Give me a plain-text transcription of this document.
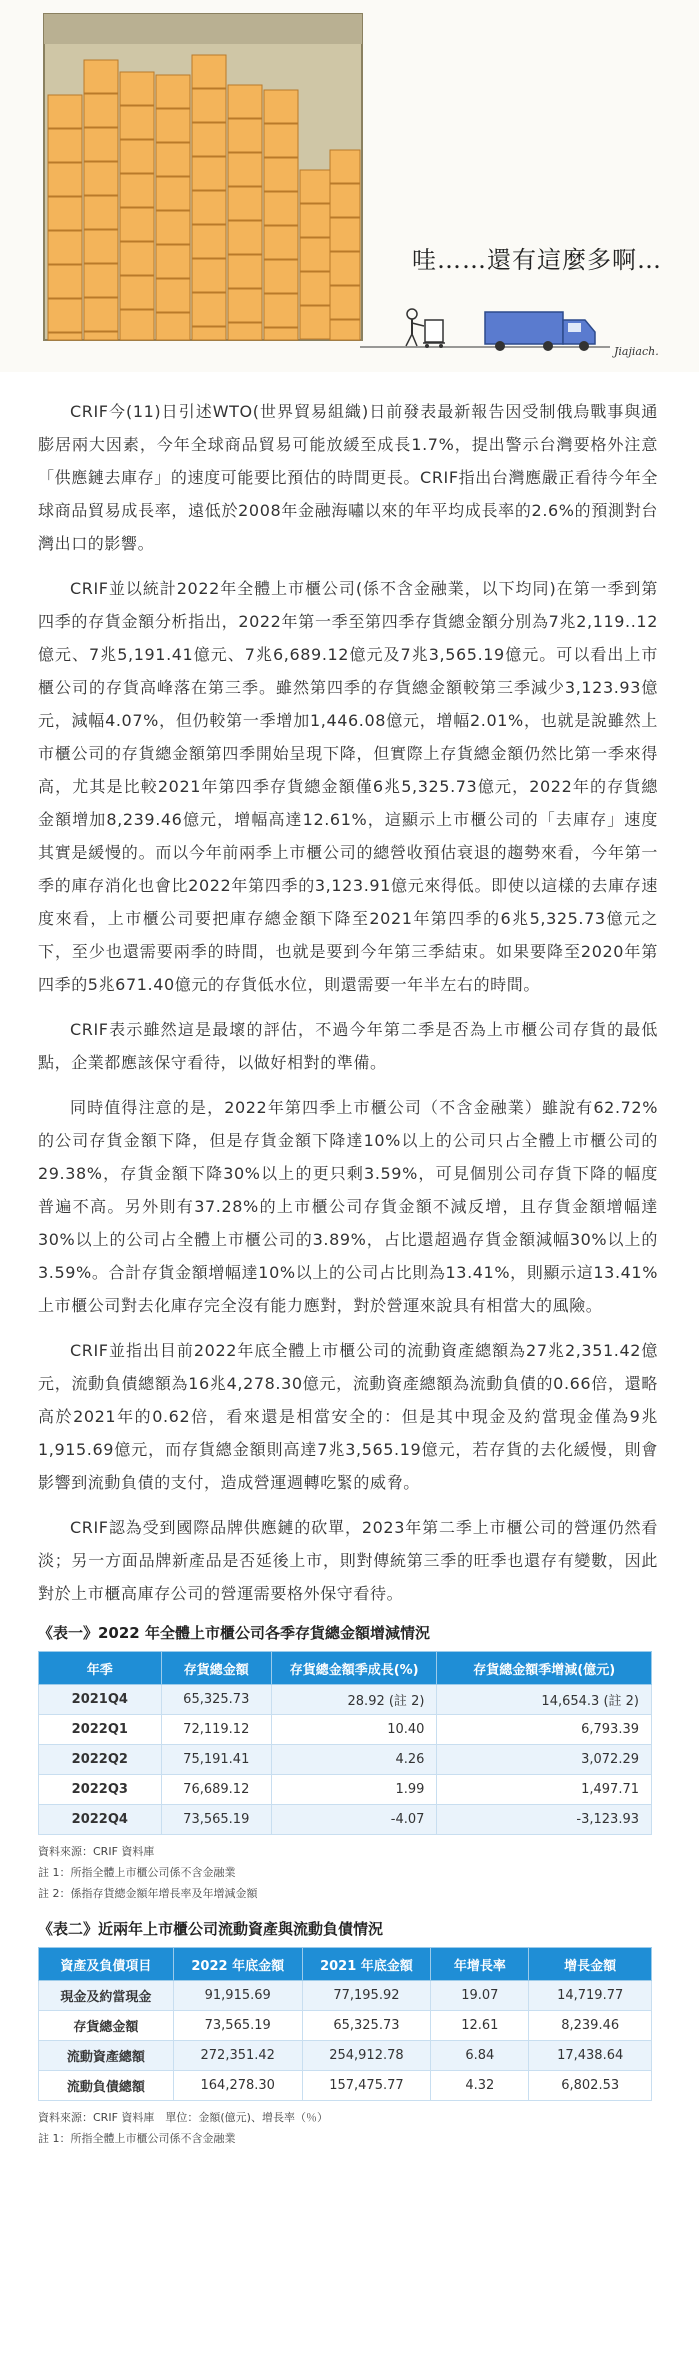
哇……還有這麼多啊…
Jiajiach.

CRIF今(11)日引述WTO(世界貿易組織)日前發表最新報告因受制俄烏戰事與通膨居兩大因素，今年全球商品貿易可能放緩至成長1.7%，提出警示台灣要格外注意「供應鏈去庫存」的速度可能要比預估的時間更長。CRIF指出台灣應嚴正看待今年全球商品貿易成長率，遠低於2008年金融海嘯以來的年平均成長率的2.6%的預測對台灣出口的影響。

CRIF並以統計2022年全體上市櫃公司(係不含金融業，以下均同)在第一季到第四季的存貨金額分析指出，2022年第一季至第四季存貨總金額分別為7兆2,119..12億元、7兆5,191.41億元、7兆6,689.12億元及7兆3,565.19億元。可以看出上市櫃公司的存貨高峰落在第三季。雖然第四季的存貨總金額較第三季減少3,123.93億元，減幅4.07%，但仍較第一季增加1,446.08億元，增幅2.01%，也就是說雖然上市櫃公司的存貨總金額第四季開始呈現下降，但實際上存貨總金額仍然比第一季來得高，尤其是比較2021年第四季存貨總金額僅6兆5,325.73億元，2022年的存貨總金額增加8,239.46億元，增幅高達12.61%，這顯示上市櫃公司的「去庫存」速度其實是緩慢的。而以今年前兩季上市櫃公司的總營收預估衰退的趨勢來看，今年第一季的庫存消化也會比2022年第四季的3,123.91億元來得低。即使以這樣的去庫存速度來看，上市櫃公司要把庫存總金額下降至2021年第四季的6兆5,325.73億元之下，至少也還需要兩季的時間，也就是要到今年第三季結束。如果要降至2020年第四季的5兆671.40億元的存貨低水位，則還需要一年半左右的時間。

CRIF表示雖然這是最壞的評估，不過今年第二季是否為上市櫃公司存貨的最低點，企業都應該保守看待，以做好相對的準備。

同時值得注意的是，2022年第四季上市櫃公司（不含金融業）雖說有62.72%的公司存貨金額下降，但是存貨金額下降達10%以上的公司只占全體上市櫃公司的29.38%，存貨金額下降30%以上的更只剩3.59%，可見個別公司存貨下降的幅度普遍不高。另外則有37.28%的上市櫃公司存貨金額不減反增，且存貨金額增幅達30%以上的公司占全體上市櫃公司的3.89%，占比還超過存貨金額減幅30%以上的3.59%。合計存貨金額增幅達10%以上的公司占比則為13.41%，則顯示這13.41%上市櫃公司對去化庫存完全沒有能力應對，對於營運來說具有相當大的風險。

CRIF並指出目前2022年底全體上市櫃公司的流動資產總額為27兆2,351.42億元，流動負債總額為16兆4,278.30億元，流動資產總額為流動負債的0.66倍，還略高於2021年的0.62倍，看來還是相當安全的：但是其中現金及約當現金僅為9兆1,915.69億元，而存貨總金額則高達7兆3,565.19億元，若存貨的去化緩慢，則會影響到流動負債的支付，造成營運週轉吃緊的威脅。

CRIF認為受到國際品牌供應鏈的砍單，2023年第二季上市櫃公司的營運仍然看淡；另一方面品牌新產品是否延後上市，則對傳統第三季的旺季也還存有變數，因此對於上市櫃高庫存公司的營運需要格外保守看待。

《表一》2022 年全體上市櫃公司各季存貨總金額增減情況
年季	存貨總金額	存貨總金額季成長(%)	存貨總金額季增減(億元)
2021Q4	65,325.73	28.92 (註 2)	14,654.3 (註 2)
2022Q1	72,119.12	10.40	6,793.39
2022Q2	75,191.41	4.26	3,072.29
2022Q3	76,689.12	1.99	1,497.71
2022Q4	73,565.19	-4.07	-3,123.93
資料來源：CRIF 資料庫
註 1：所指全體上市櫃公司係不含金融業
註 2：係指存貨總金額年增長率及年增減金額
《表二》近兩年上市櫃公司流動資產與流動負債情況
資產及負債項目	2022 年底金額	2021 年底金額	年增長率	增長金額
現金及約當現金	91,915.69	77,195.92	19.07	14,719.77
存貨總金額	73,565.19	65,325.73	12.61	8,239.46
流動資產總額	272,351.42	254,912.78	6.84	17,438.64
流動負債總額	164,278.30	157,475.77	4.32	6,802.53
資料來源：CRIF 資料庫　單位：金額(億元)、增長率（％）
註 1：所指全體上市櫃公司係不含金融業
